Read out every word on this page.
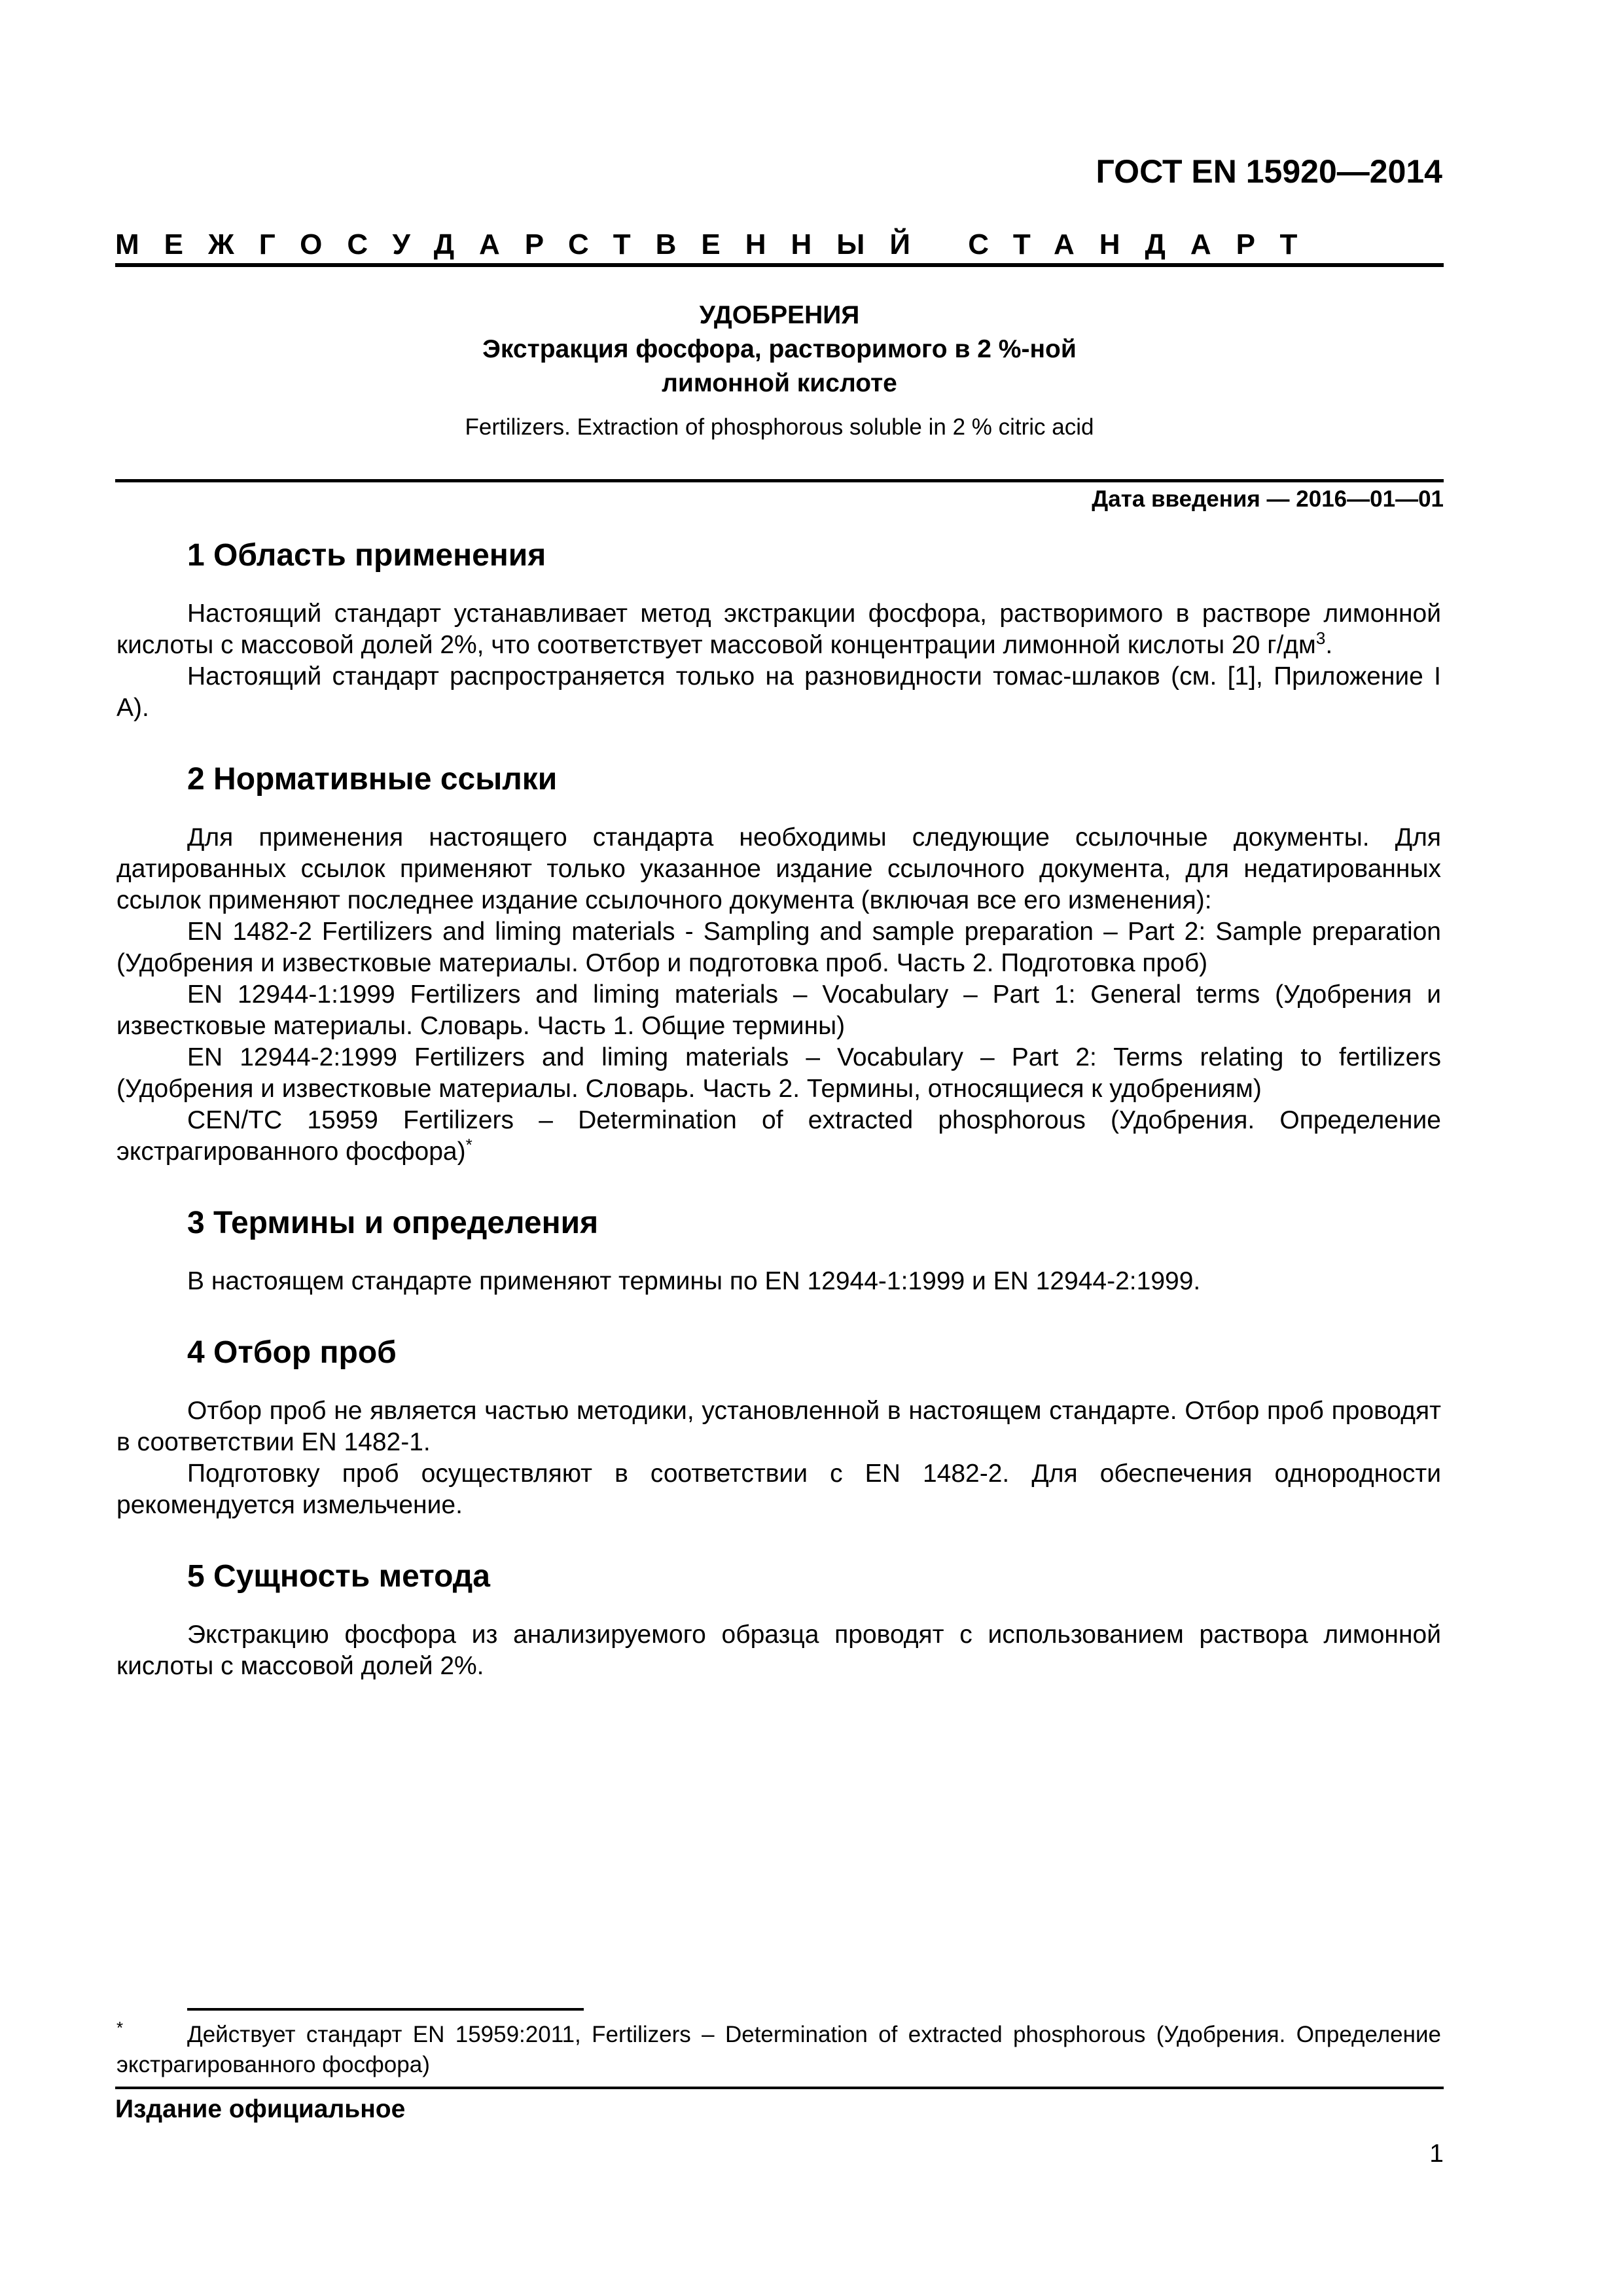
ГОСТ EN 15920—2014
МЕЖГОСУДАРСТВЕННЫЙ СТАНДАРТ
УДОБРЕНИЯ
Экстракция фосфора, растворимого в 2 %-ной
лимонной кислоте
Fertilizers. Extraction of phosphorous soluble in 2 % citric acid
Дата введения — 2016—01—01
1 Область применения

Настоящий стандарт устанавливает метод экстракции фосфора, растворимого в растворе лимонной кислоты с массовой долей 2%, что соответствует массовой концентрации лимонной кислоты 20 $г/дм^3$.

Настоящий стандарт распространяется только на разновидности томас-шлаков (см. [1], Приложение I А).

2 Нормативные ссылки

Для применения настоящего стандарта необходимы следующие ссылочные документы. Для датированных ссылок применяют только указанное издание ссылочного документа, для недатированных ссылок применяют последнее издание ссылочного документа (включая все его изменения):

EN 1482-2 Fertilizers and liming materials - Sampling and sample preparation – Part 2: Sample preparation (Удобрения и известковые материалы. Отбор и подготовка проб. Часть 2. Подготовка проб)

EN 12944-1:1999 Fertilizers and liming materials – Vocabulary – Part 1: General terms (Удобрения и известковые материалы. Словарь. Часть 1. Общие термины)

EN 12944-2:1999 Fertilizers and liming materials – Vocabulary – Part 2: Terms relating to fertilizers (Удобрения и известковые материалы. Словарь. Часть 2. Термины, относящиеся к удобрениям)

CEN/TC 15959 Fertilizers – Determination of extracted phosphorous (Удобрения. Определение экстрагированного фосфора)*

3 Термины и определения

В настоящем стандарте применяют термины по EN 12944-1:1999 и EN 12944-2:1999.

4 Отбор проб

Отбор проб не является частью методики, установленной в настоящем стандарте. Отбор проб проводят в соответствии EN 1482-1.

Подготовку проб осуществляют в соответствии с EN 1482-2. Для обеспечения однородности рекомендуется измельчение.

5 Сущность метода

Экстракцию фосфора из анализируемого образца проводят с использованием раствора лимонной кислоты с массовой долей 2%.

*	Действует стандарт EN 15959:2011, Fertilizers – Determination of extracted phosphorous (Удобрения. Определение экстрагированного фосфора)
Издание официальное
1
